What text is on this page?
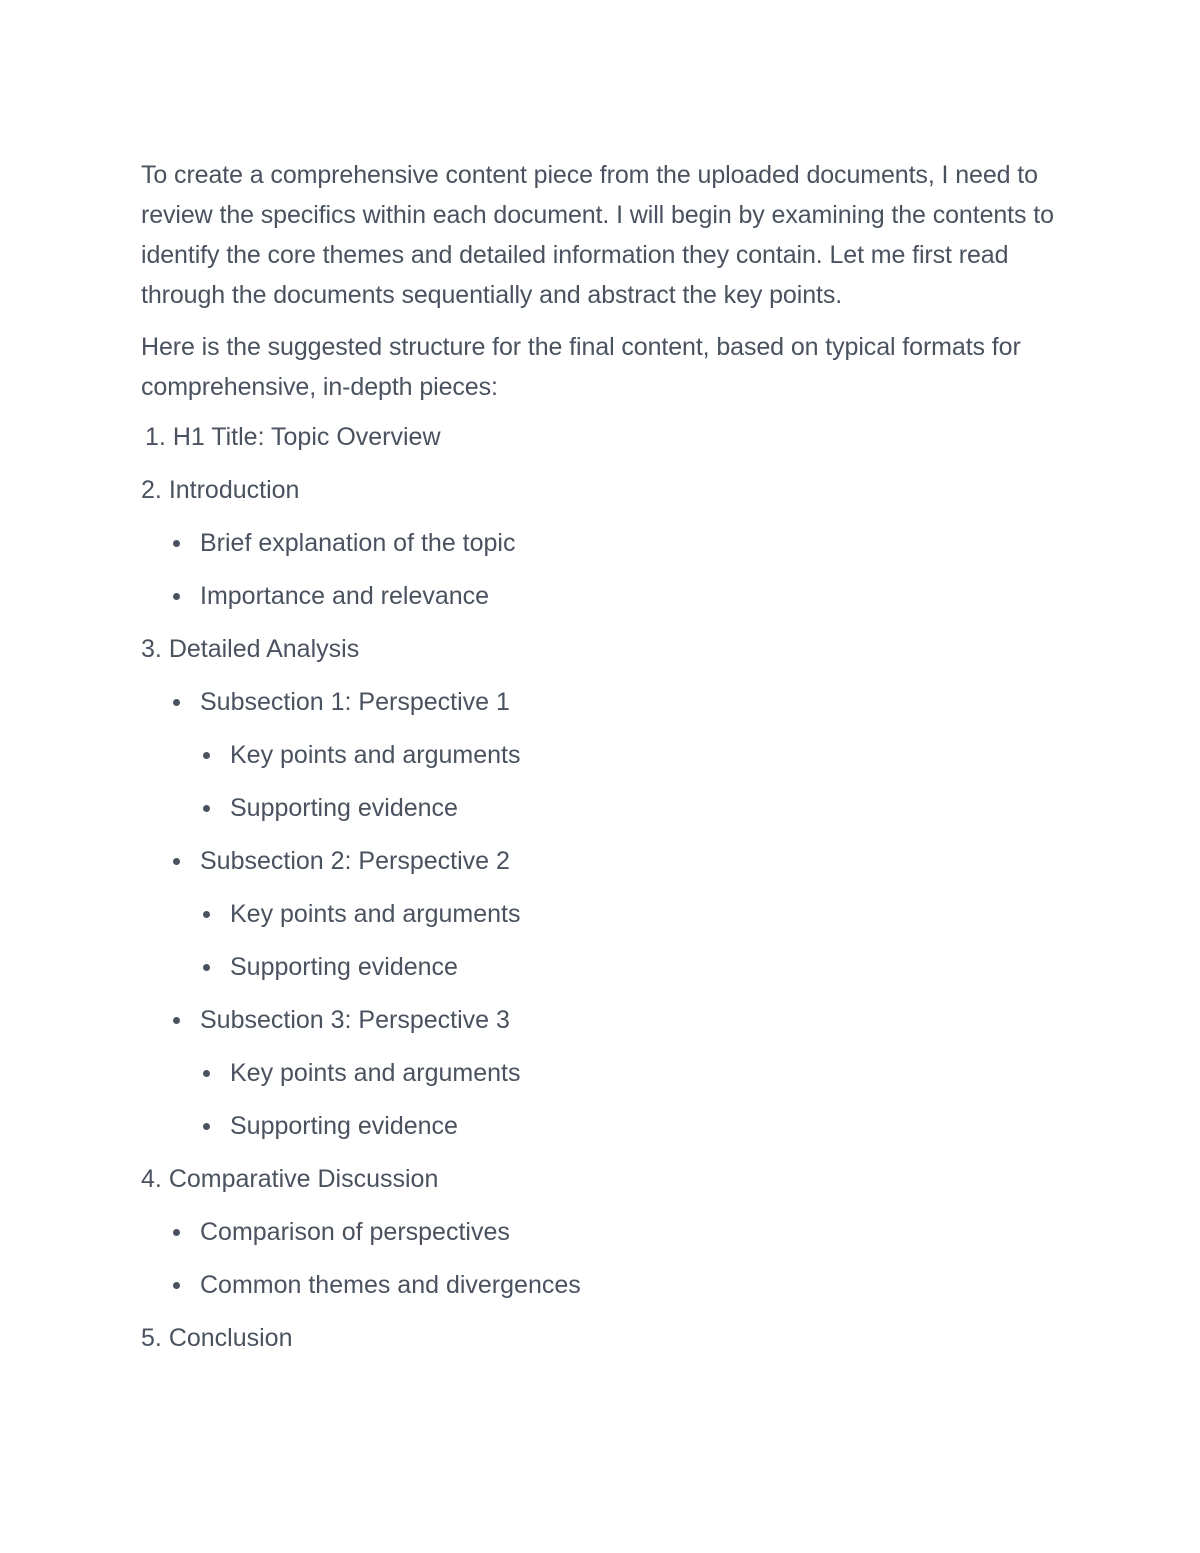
To create a comprehensive content piece from the uploaded documents, I need to review the specifics within each document. I will begin by examining the contents to identify the core themes and detailed information they contain. Let me first read through the documents sequentially and abstract the key points.

Here is the suggested structure for the final content, based on typical formats for comprehensive, in-depth pieces:

1. H1 Title: Topic Overview
2. Introduction
Brief explanation of the topic
Importance and relevance
3. Detailed Analysis
Subsection 1: Perspective 1
Key points and arguments
Supporting evidence
Subsection 2: Perspective 2
Key points and arguments
Supporting evidence
Subsection 3: Perspective 3
Key points and arguments
Supporting evidence
4. Comparative Discussion
Comparison of perspectives
Common themes and divergences
5. Conclusion
